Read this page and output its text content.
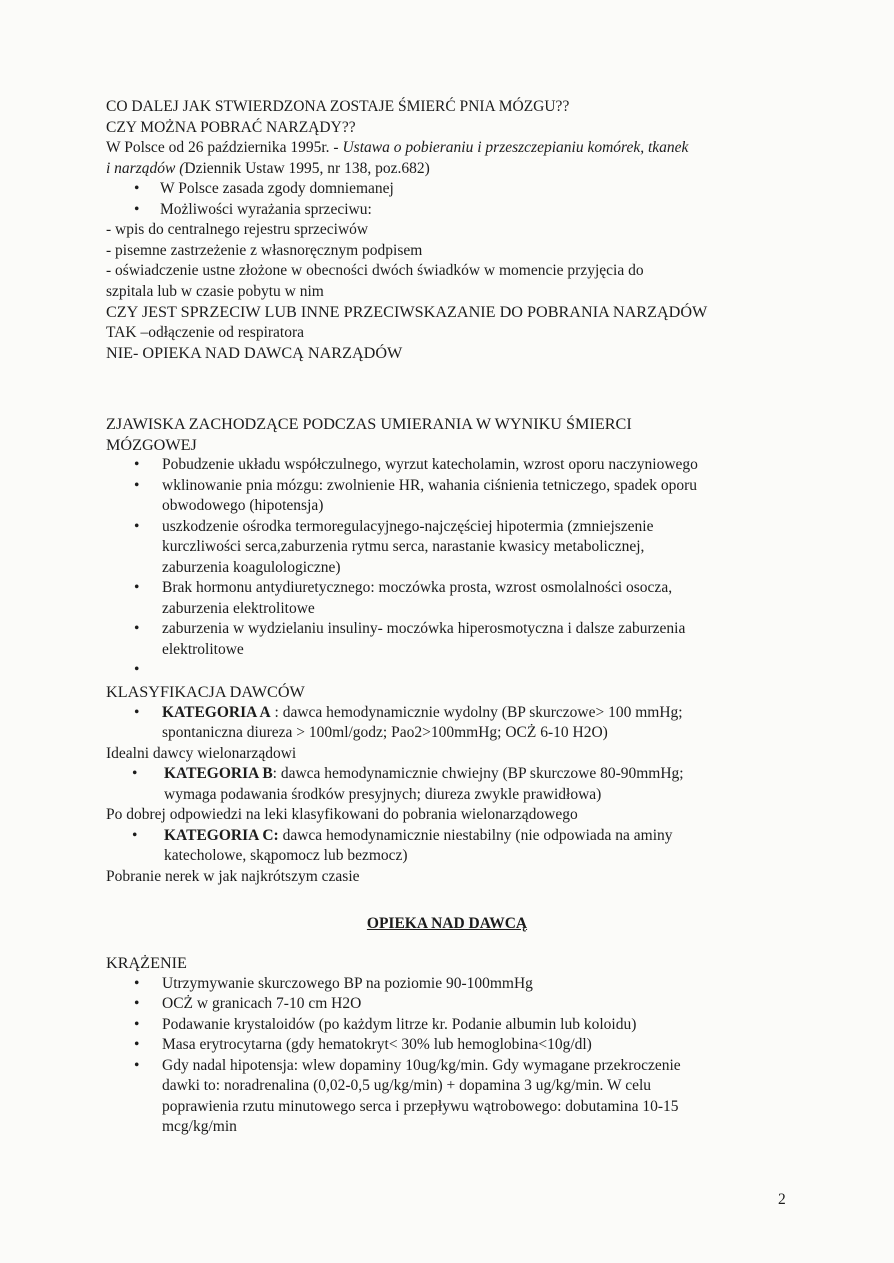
CO DALEJ JAK STWIERDZONA ZOSTAJE ŚMIERĆ PNIA MÓZGU??
CZY MOŻNA POBRAĆ NARZĄDY??
W Polsce od 26 października 1995r. - Ustawa o pobieraniu i przeszczepianiu komórek, tkanek
i narządów (Dziennik Ustaw 1995, nr 138, poz.682)
• W Polsce zasada zgody domniemanej
• Możliwości wyrażania sprzeciwu:
- wpis do centralnego rejestru sprzeciwów
- pisemne zastrzeżenie z własnoręcznym podpisem
- oświadczenie ustne złożone w obecności dwóch świadków w momencie przyjęcia do
szpitala lub w czasie pobytu w nim
CZY JEST SPRZECIW LUB INNE PRZECIWSKAZANIE DO POBRANIA NARZĄDÓW
TAK –odłączenie od respiratora
NIE- OPIEKA NAD DAWCĄ NARZĄDÓW
ZJAWISKA ZACHODZĄCE PODCZAS UMIERANIA W WYNIKU ŚMIERCI
MÓZGOWEJ
• Pobudzenie układu współczulnego, wyrzut katecholamin, wzrost oporu naczyniowego
• wklinowanie pnia mózgu: zwolnienie HR, wahania ciśnienia tetniczego, spadek oporu
obwodowego (hipotensja)
• uszkodzenie ośrodka termoregulacyjnego-najczęściej hipotermia (zmniejszenie
kurczliwości serca,zaburzenia rytmu serca, narastanie kwasicy metabolicznej,
zaburzenia koagulologiczne)
• Brak hormonu antydiuretycznego: moczówka prosta, wzrost osmolalności osocza,
zaburzenia elektrolitowe
• zaburzenia w wydzielaniu insuliny- moczówka hiperosmotyczna i dalsze zaburzenia
elektrolitowe
•
KLASYFIKACJA DAWCÓW
• KATEGORIA A : dawca hemodynamicznie wydolny (BP skurczowe> 100 mmHg;
spontaniczna diureza > 100ml/godz; Pao2>100mmHg; OCŻ 6-10 H2O)
Idealni dawcy wielonarządowi
• KATEGORIA B: dawca hemodynamicznie chwiejny (BP skurczowe 80-90mmHg;
wymaga podawania środków presyjnych; diureza zwykle prawidłowa)
Po dobrej odpowiedzi na leki klasyfikowani do pobrania wielonarządowego
• KATEGORIA C: dawca hemodynamicznie niestabilny (nie odpowiada na aminy
katecholowe, skąpomocz lub bezmocz)
Pobranie nerek w jak najkrótszym czasie
OPIEKA NAD DAWCĄ
KRĄŻENIE
• Utrzymywanie skurczowego BP na poziomie 90-100mmHg
• OCŻ w granicach 7-10 cm H2O
• Podawanie krystaloidów (po każdym litrze kr. Podanie albumin lub koloidu)
• Masa erytrocytarna (gdy hematokryt< 30% lub hemoglobina<10g/dl)
• Gdy nadal hipotensja: wlew dopaminy 10ug/kg/min. Gdy wymagane przekroczenie
dawki to: noradrenalina (0,02-0,5 ug/kg/min) + dopamina 3 ug/kg/min. W celu
poprawienia rzutu minutowego serca i przepływu wątrobowego: dobutamina 10-15
mcg/kg/min
2
